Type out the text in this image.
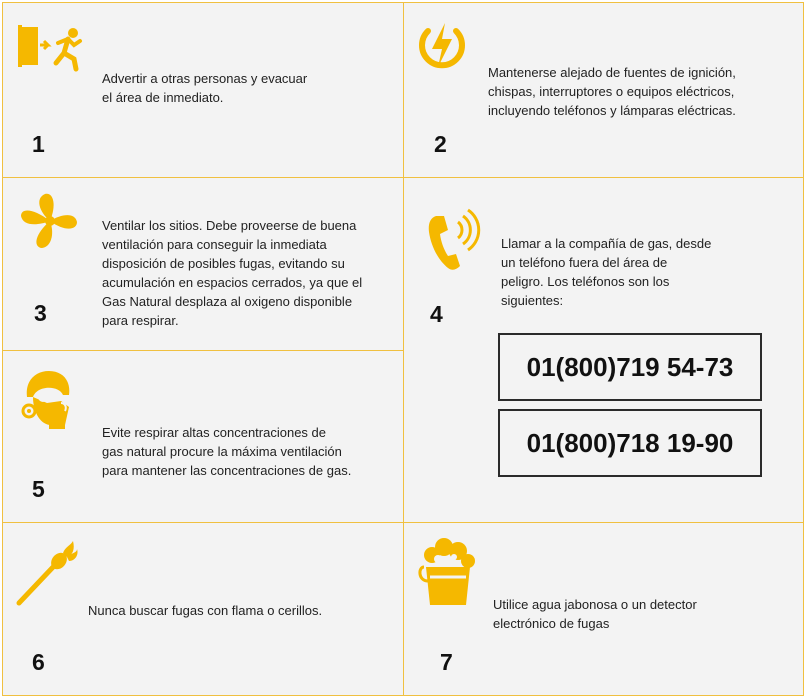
Advertir a otras personas y evacuar
el área de inmediato.
1
Mantenerse alejado de fuentes de ignición,
chispas, interruptores o equipos eléctricos,
incluyendo teléfonos y lámparas eléctricas.
2
Ventilar los sitios. Debe proveerse de buena
ventilación para conseguir la inmediata
disposición de posibles fugas, evitando su
acumulación en espacios cerrados, ya que el
Gas Natural desplaza al oxigeno disponible
para respirar.
3
Llamar a la compañía de gas, desde
un teléfono fuera del área de
peligro. Los teléfonos son los
siguientes:
4
01(800)719 54-73
01(800)718 19-90
Evite respirar altas concentraciones de
gas natural procure la máxima ventilación
para mantener las concentraciones de gas.
5
Nunca buscar fugas con flama o cerillos.
6
Utilice agua jabonosa o un detector
electrónico de fugas
7
